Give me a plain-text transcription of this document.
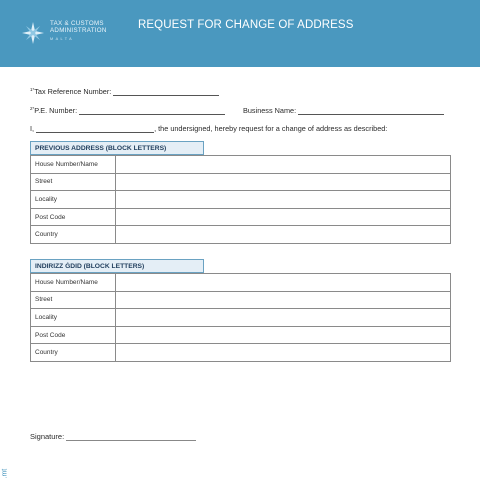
TAX & CUSTOMS
ADMINISTRATION
MALTA
REQUEST FOR CHANGE OF ADDRESS
$^{1*}$Tax Reference Number:
$^{2*}$P.E. Number:	Business Name:
I,	, the undersigned, hereby request for a change of address as described:
PREVIOUS ADDRESS (BLOCK LETTERS)
House Number/Name	
Street	
Locality	
Post Code	
Country	
INDIRIZZ ĠDID (BLOCK LETTERS)
House Number/Name	
Street	
Locality	
Post Code	
Country	
Signature:
.mt
